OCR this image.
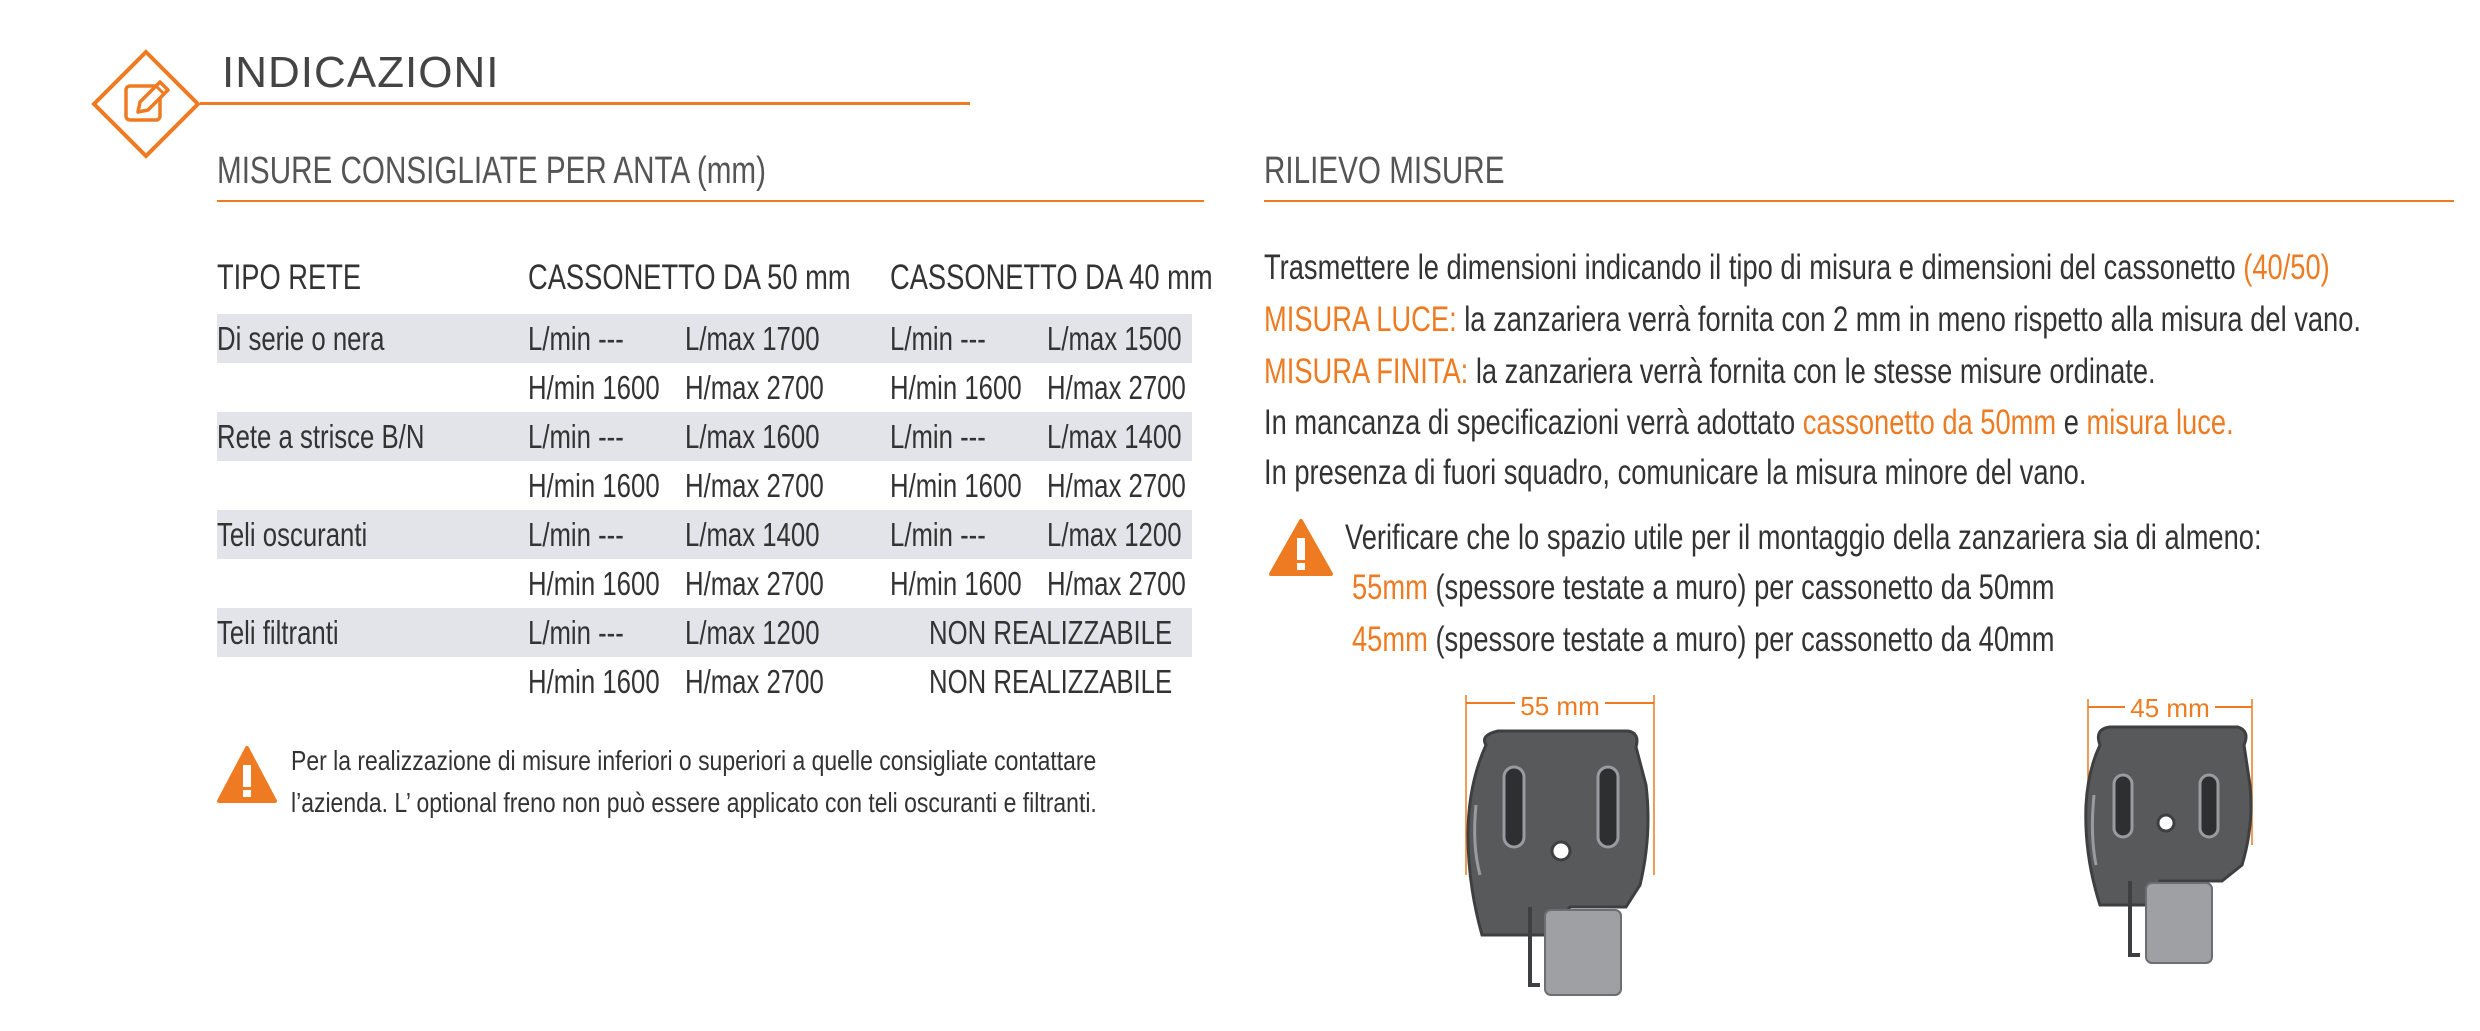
INDICAZIONI
MISURE CONSIGLIATE PER ANTA (mm)
TIPO RETE	CASSONETTO DA 50 mm	CASSONETTO DA 40 mm
Di serie o nera	L/min ---	L/max 1700	L/min ---	L/max 1500
H/min 1600 H/max 2700	H/min 1600 H/max 2700
Rete a strisce B/N	L/min ---	L/max 1600	L/min ---	L/max 1400
H/min 1600 H/max 2700	H/min 1600 H/max 2700
Teli oscuranti	L/min ---	L/max 1400	L/min ---	L/max 1200
H/min 1600 H/max 2700	H/min 1600 H/max 2700
Teli filtranti	L/min ---	L/max 1200	NON REALIZZABILE
H/min 1600 H/max 2700	NON REALIZZABILE
Per la realizzazione di misure inferiori o superiori a quelle consigliate contattare
l’azienda. L’ optional freno non può essere applicato con teli oscuranti e filtranti.
RILIEVO MISURE
Trasmettere le dimensioni indicando il tipo di misura e dimensioni del cassonetto (40/50)
MISURA LUCE: la zanzariera verrà fornita con 2 mm in meno rispetto alla misura del vano.
MISURA FINITA: la zanzariera verrà fornita con le stesse misure ordinate.
In mancanza di specificazioni verrà adottato cassonetto da 50mm e misura luce.
In presenza di fuori squadro, comunicare la misura minore del vano.
Verificare che lo spazio utile per il montaggio della zanzariera sia di almeno:
55mm (spessore testate a muro) per cassonetto da 50mm
45mm (spessore testate a muro) per cassonetto da 40mm
55 mm	45 mm
